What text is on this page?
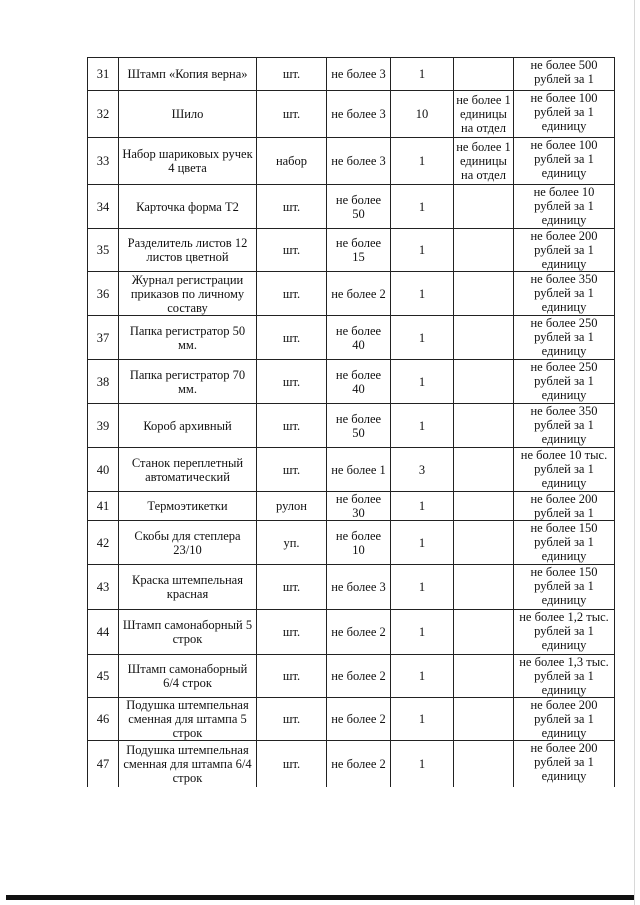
31	Штамп «Копия верна»	шт.	не более 3	1		не более 500 рублей за 1
32	Шило	шт.	не более 3	10	не более 1 единицы на отдел	не более 100 рублей за 1 единицу
33	Набор шариковых ручек 4 цвета	набор	не более 3	1	не более 1 единицы на отдел	не более 100 рублей за 1 единицу
34	Карточка форма Т2	шт.	не более 50	1		не более 10 рублей за 1 единицу
35	Разделитель листов 12 листов цветной	шт.	не более 15	1		не более 200 рублей за 1 единицу
36	Журнал регистрации приказов по личному составу	шт.	не более 2	1		не более 350 рублей за 1 единицу
37	Папка регистратор 50 мм.	шт.	не более 40	1		не более 250 рублей за 1 единицу
38	Папка регистратор 70 мм.	шт.	не более 40	1		не более 250 рублей за 1 единицу
39	Короб архивный	шт.	не более 50	1		не более 350 рублей за 1 единицу
40	Станок переплетный автоматический	шт.	не более 1	3		не более 10 тыс. рублей за 1 единицу
41	Термоэтикетки	рулон	не более 30	1		не более 200 рублей за 1
42	Скобы для степлера 23/10	уп.	не более 10	1		не более 150 рублей за 1 единицу
43	Краска штемпельная красная	шт.	не более 3	1		не более 150 рублей за 1 единицу
44	Штамп самонаборный 5 строк	шт.	не более 2	1		не более 1,2 тыс. рублей за 1 единицу
45	Штамп самонаборный 6/4 строк	шт.	не более 2	1		не более 1,3 тыс. рублей за 1 единицу
46	Подушка штемпельная сменная для штампа 5 строк	шт.	не более 2	1		не более 200 рублей за 1 единицу
47	Подушка штемпельная сменная для штампа 6/4 строк	шт.	не более 2	1		не более 200 рублей за 1 единицу
